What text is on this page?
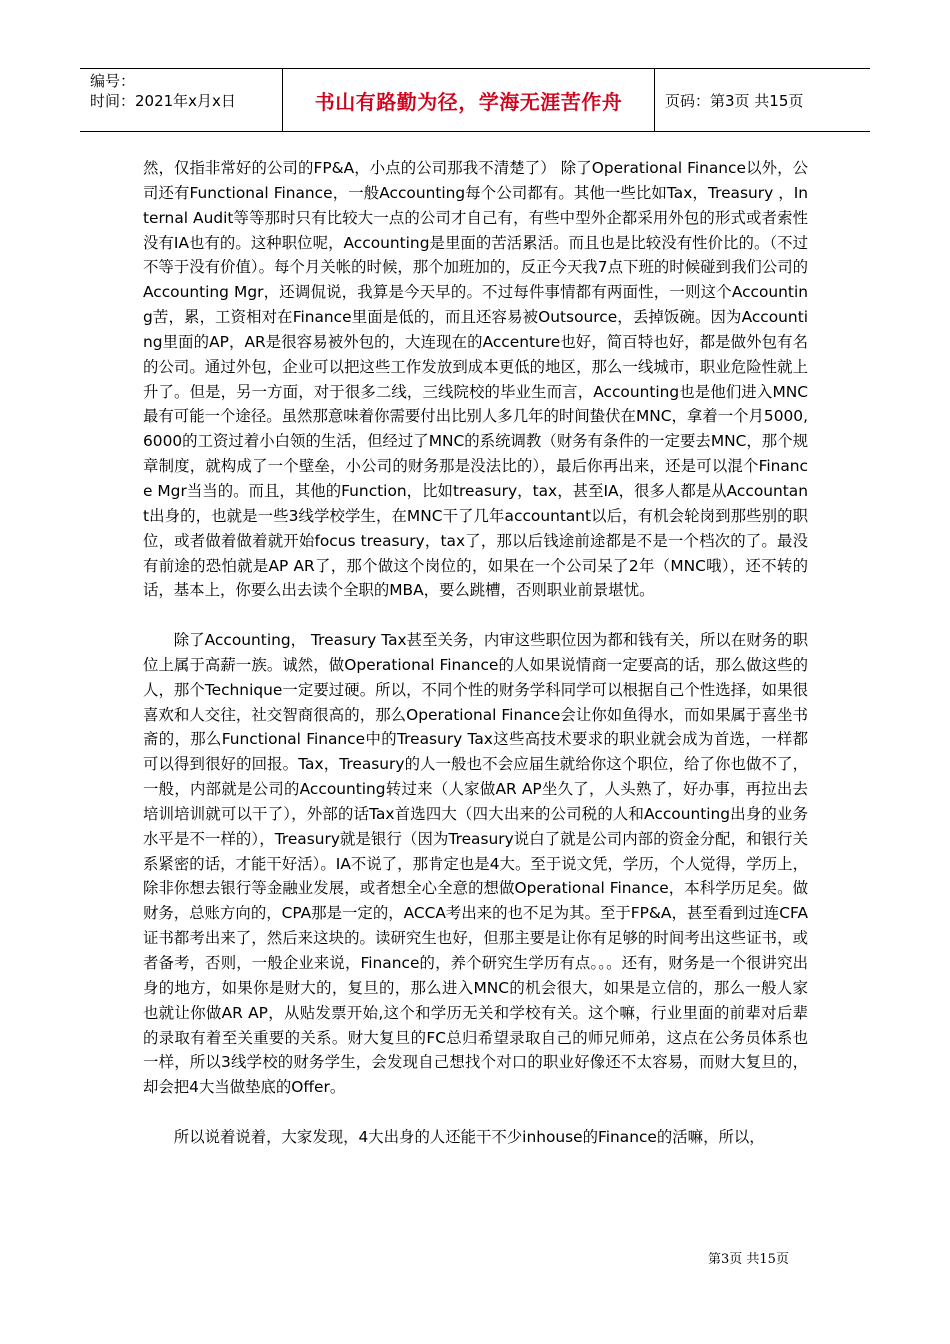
编号：
时间：2021年x月x日	书山有路勤为径，学海无涯苦作舟	页码：第3页 共15页

然，仅指非常好的公司的FP&A，小点的公司那我不清楚了） 除了Operational Finance以外，公司还有Functional Finance，一般Accounting每个公司都有。其他一些比如Tax，Treasury ，Internal Audit等等那时只有比较大一点的公司才自己有，有些中型外企都采用外包的形式或者索性没有IA也有的。这种职位呢，Accounting是里面的苦活累活。而且也是比较没有性价比的。（不过不等于没有价值）。每个月关帐的时候，那个加班加的，反正今天我7点下班的时候碰到我们公司的Accounting Mgr，还调侃说，我算是今天早的。不过每件事情都有两面性，一则这个Accounting苦，累，工资相对在Finance里面是低的，而且还容易被Outsource，丢掉饭碗。因为Accounting里面的AP，AR是很容易被外包的，大连现在的Accenture也好，简百特也好，都是做外包有名的公司。通过外包，企业可以把这些工作发放到成本更低的地区，那么一线城市，职业危险性就上升了。但是，另一方面，对于很多二线，三线院校的毕业生而言，Accounting也是他们进入MNC最有可能一个途径。虽然那意味着你需要付出比别人多几年的时间蛰伏在MNC，拿着一个月5000,6000的工资过着小白领的生活，但经过了MNC的系统调教（财务有条件的一定要去MNC，那个规章制度，就构成了一个壁垒，小公司的财务那是没法比的），最后你再出来，还是可以混个Finance Mgr当当的。而且，其他的Function，比如treasury，tax，甚至IA，很多人都是从Accountant出身的，也就是一些3线学校学生，在MNC干了几年accountant以后，有机会轮岗到那些别的职位，或者做着做着就开始focus treasury，tax了，那以后钱途前途都是不是一个档次的了。最没有前途的恐怕就是AP AR了，那个做这个岗位的，如果在一个公司呆了2年（MNC哦），还不转的话，基本上，你要么出去读个全职的MBA，要么跳槽，否则职业前景堪忧。

除了Accounting， Treasury Tax甚至关务，内审这些职位因为都和钱有关，所以在财务的职位上属于高薪一族。诚然，做Operational Finance的人如果说情商一定要高的话，那么做这些的人，那个Technique一定要过硬。所以，不同个性的财务学科同学可以根据自己个性选择，如果很喜欢和人交往，社交智商很高的，那么Operational Finance会让你如鱼得水，而如果属于喜坐书斋的，那么Functional Finance中的Treasury Tax这些高技术要求的职业就会成为首选，一样都可以得到很好的回报。Tax，Treasury的人一般也不会应届生就给你这个职位，给了你也做不了，一般，内部就是公司的Accounting转过来（人家做AR AP坐久了，人头熟了，好办事，再拉出去培训培训就可以干了），外部的话Tax首选四大（四大出来的公司税的人和Accounting出身的业务水平是不一样的），Treasury就是银行（因为Treasury说白了就是公司内部的资金分配，和银行关系紧密的话，才能干好活）。IA不说了，那肯定也是4大。至于说文凭，学历，个人觉得，学历上，除非你想去银行等金融业发展，或者想全心全意的想做Operational Finance，本科学历足矣。做财务，总账方向的，CPA那是一定的，ACCA考出来的也不足为其。至于FP&A，甚至看到过连CFA证书都考出来了，然后来这块的。读研究生也好，但那主要是让你有足够的时间考出这些证书，或者备考，否则，一般企业来说，Finance的，养个研究生学历有点。。。还有，财务是一个很讲究出身的地方，如果你是财大的，复旦的，那么进入MNC的机会很大，如果是立信的，那么一般人家也就让你做AR AP，从贴发票开始,这个和学历无关和学校有关。这个嘛，行业里面的前辈对后辈的录取有着至关重要的关系。财大复旦的FC总归希望录取自己的师兄师弟，这点在公务员体系也一样，所以3线学校的财务学生，会发现自己想找个对口的职业好像还不太容易，而财大复旦的，却会把4大当做垫底的Offer。

所以说着说着，大家发现，4大出身的人还能干不少inhouse的Finance的活嘛，所以，

第3页 共15页
